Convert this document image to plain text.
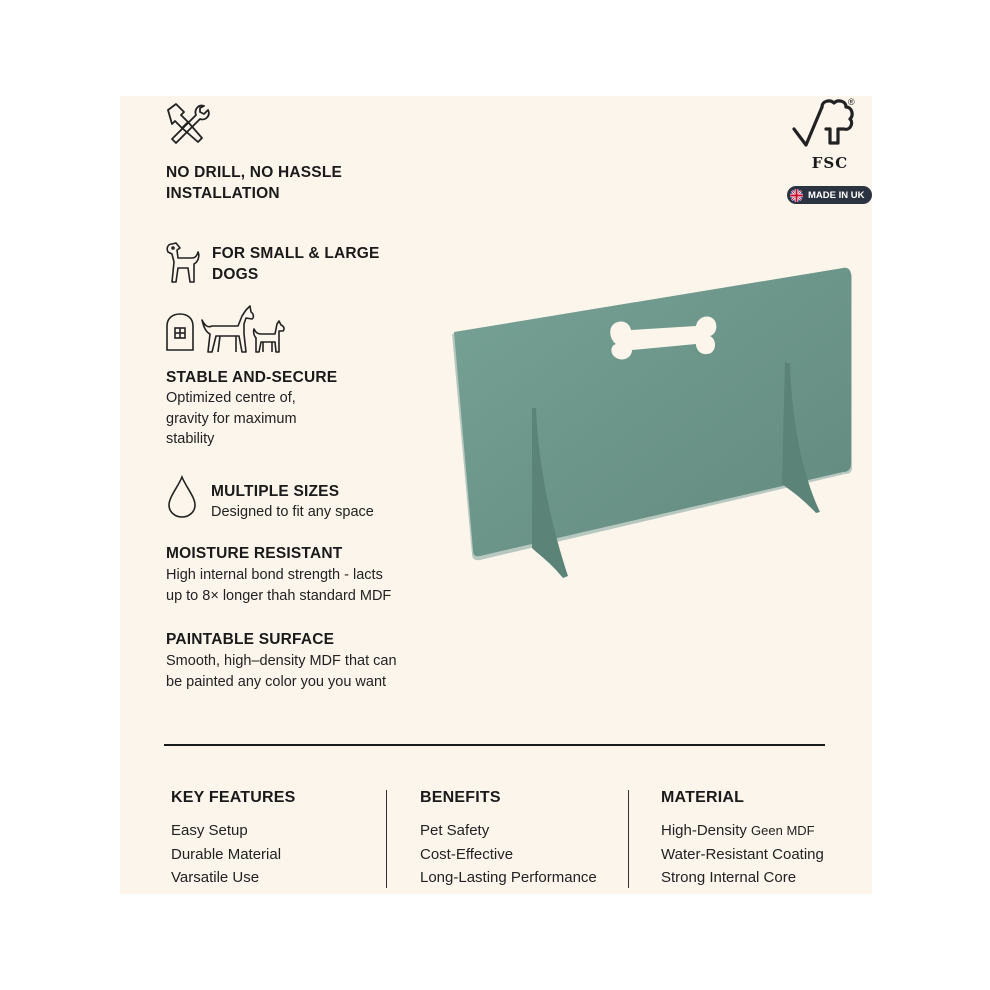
NO DRILL, NO HASSLE
INSTALLATION
FOR SMALL & LARGE
DOGS
STABLE AND-SECURE
Optimized centre of,
gravity for maximum
stability
MULTIPLE SIZES
Designed to fit any space
MOISTURE RESISTANT
High internal bond strength - lacts
up to 8× longer thah standard MDF
PAINTABLE SURFACE
Smooth, high–density MDF that can
be painted any color you you want
®
FSC
MADE IN UK
KEY FEATURES
Easy Setup
Durable Material
Varsatile Use
BENEFITS
Pet Safety
Cost-Effective
Long-Lasting Performance
MATERIAL
High-Density Geen MDF
Water-Resistant Coating
Strong Internal Core
